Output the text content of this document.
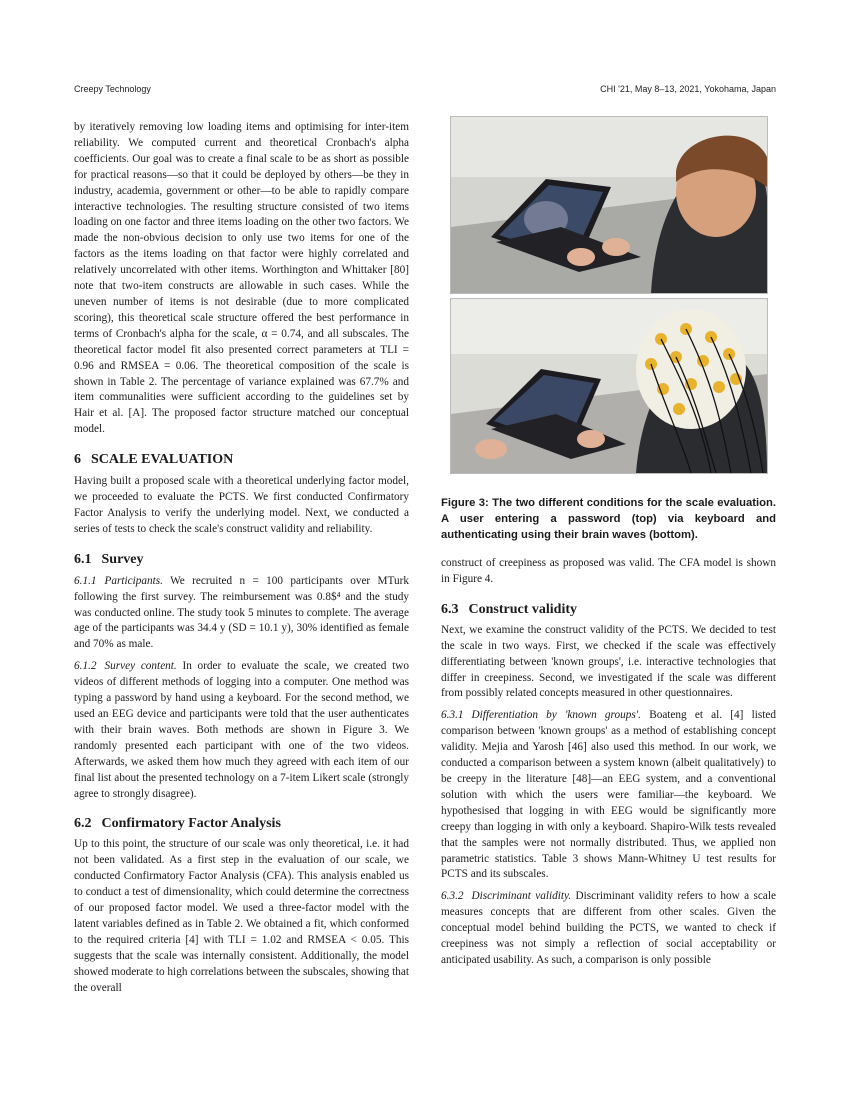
Creepy Technology	CHI '21, May 8–13, 2021, Yokohama, Japan

by iteratively removing low loading items and optimising for inter-item reliability. We computed current and theoretical Cronbach's alpha coefficients. Our goal was to create a final scale to be as short as possible for practical reasons—so that it could be deployed by others—be they in industry, academia, government or other—to be able to rapidly compare interactive technologies. The resulting structure consisted of two items loading on one factor and three items loading on the other two factors. We made the non-obvious decision to only use two items for one of the factors as the items loading on that factor were highly correlated and relatively uncorrelated with other items. Worthington and Whittaker [80] note that two-item constructs are allowable in such cases. While the uneven number of items is not desirable (due to more complicated scoring), this theoretical scale structure offered the best performance in terms of Cronbach's alpha for the scale, α = 0.74, and all subscales. The theoretical factor model fit also presented correct parameters at TLI = 0.96 and RMSEA = 0.06. The theoretical composition of the scale is shown in Table 2. The percentage of variance explained was 67.7% and item communalities were sufficient according to the guidelines set by Hair et al. [A]. The proposed factor structure matched our conceptual model.

6 SCALE EVALUATION

Having built a proposed scale with a theoretical underlying factor model, we proceeded to evaluate the PCTS. We first conducted Confirmatory Factor Analysis to verify the underlying model. Next, we conducted a series of tests to check the scale's construct validity and reliability.

6.1 Survey

6.1.1 Participants. We recruited n = 100 participants over MTurk following the first survey. The reimbursement was 0.8$⁴ and the study was conducted online. The study took 5 minutes to complete. The average age of the participants was 34.4 y (SD = 10.1 y), 30% identified as female and 70% as male.

6.1.2 Survey content. In order to evaluate the scale, we created two videos of different methods of logging into a computer. One method was typing a password by hand using a keyboard. For the second method, we used an EEG device and participants were told that the user authenticates with their brain waves. Both methods are shown in Figure 3. We randomly presented each participant with one of the two videos. Afterwards, we asked them how much they agreed with each item of our final list about the presented technology on a 7-item Likert scale (strongly agree to strongly disagree).

6.2 Confirmatory Factor Analysis

Up to this point, the structure of our scale was only theoretical, i.e. it had not been validated. As a first step in the evaluation of our scale, we conducted Confirmatory Factor Analysis (CFA). This analysis enabled us to conduct a test of dimensionality, which could determine the correctness of our proposed factor model. We used a three-factor model with the latent variables defined as in Table 2. We obtained a fit, which conformed to the required criteria [4] with TLI = 1.02 and RMSEA < 0.05. This suggests that the scale was internally consistent. Additionally, the model showed moderate to high correlations between the subscales, showing that the overall

Figure 3: The two different conditions for the scale evaluation. A user entering a password (top) via keyboard and authenticating using their brain waves (bottom).

construct of creepiness as proposed was valid. The CFA model is shown in Figure 4.

6.3 Construct validity

Next, we examine the construct validity of the PCTS. We decided to test the scale in two ways. First, we checked if the scale was effectively differentiating between 'known groups', i.e. interactive technologies that differ in creepiness. Second, we investigated if the scale was different from possibly related concepts measured in other questionnaires.

6.3.1 Differentiation by 'known groups'. Boateng et al. [4] listed comparison between 'known groups' as a method of establishing concept validity. Mejia and Yarosh [46] also used this method. In our work, we conducted a comparison between a system known (albeit qualitatively) to be creepy in the literature [48]—an EEG system, and a conventional solution with which the users were familiar—the keyboard. We hypothesised that logging in with EEG would be significantly more creepy than logging in with only a keyboard. Shapiro-Wilk tests revealed that the samples were not normally distributed. Thus, we applied non parametric statistics. Table 3 shows Mann-Whitney U test results for PCTS and its subscales.

6.3.2 Discriminant validity. Discriminant validity refers to how a scale measures concepts that are different from other scales. Given the conceptual model behind building the PCTS, we wanted to check if creepiness was not simply a reflection of social acceptability or anticipated usability. As such, a comparison is only possible
